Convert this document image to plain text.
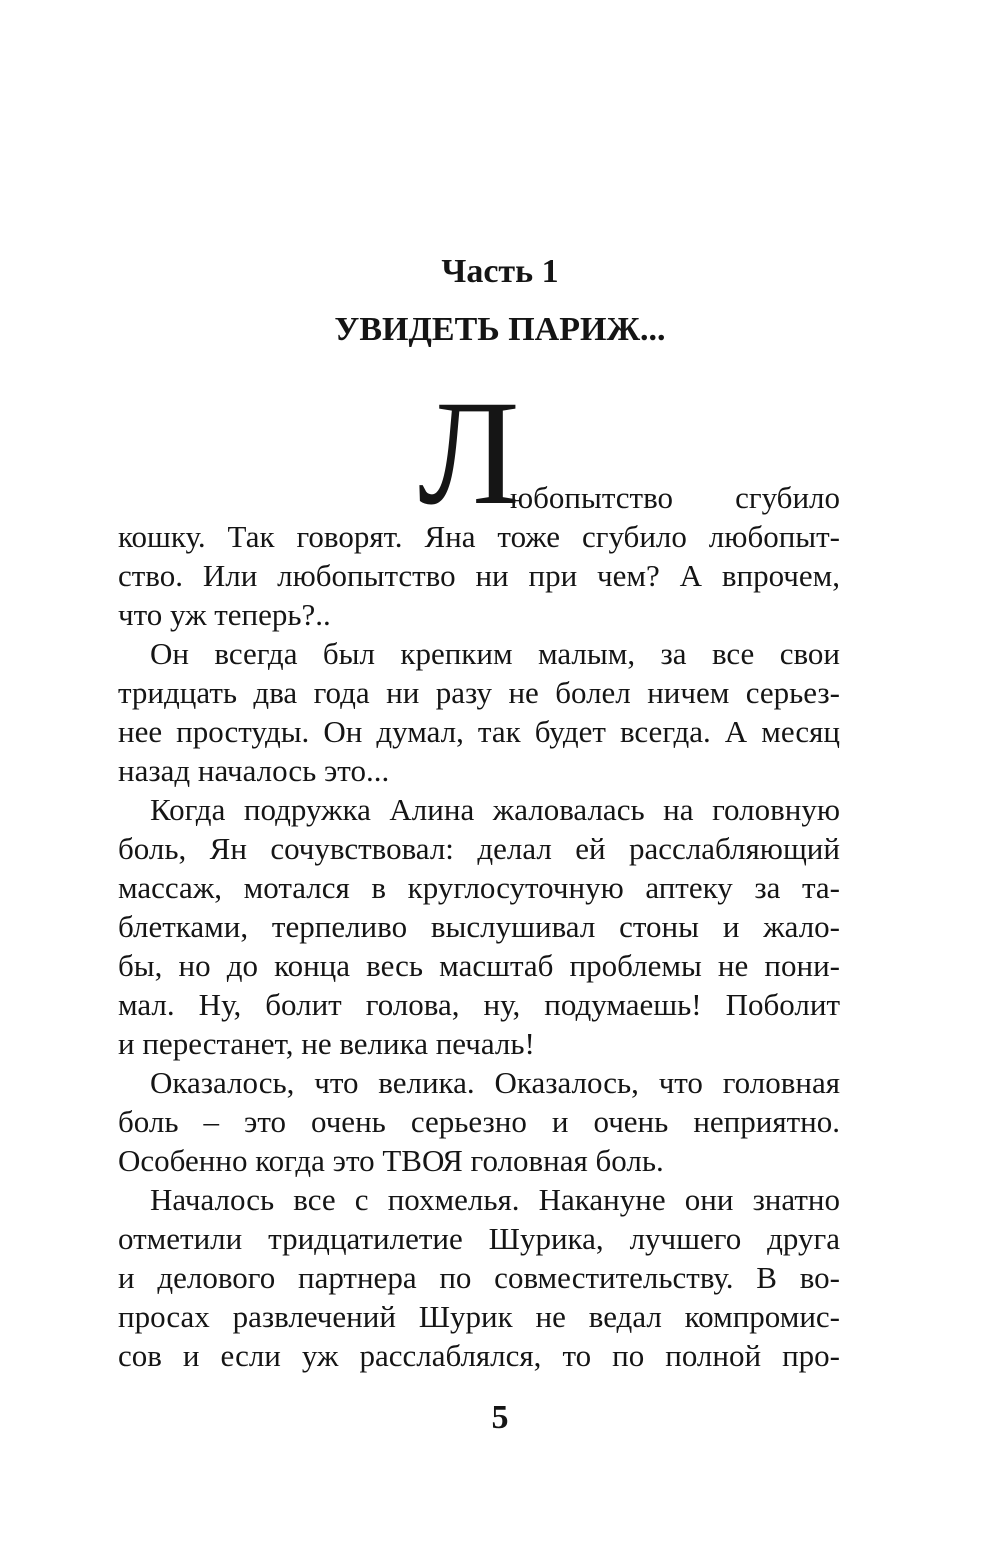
Часть 1
УВИДЕТЬ ПАРИЖ...
Л
юбопытство сгубило
кошку. Так говорят. Яна тоже сгубило любопыт-
ство. Или любопытство ни при чем? А впрочем,
что уж теперь?..
Он всегда был крепким малым, за все свои
тридцать два года ни разу не болел ничем серьез-
нее простуды. Он думал, так будет всегда. А месяц
назад началось это...
Когда подружка Алина жаловалась на головную
боль, Ян сочувствовал: делал ей расслабляющий
массаж, мотался в круглосуточную аптеку за та-
блетками, терпеливо выслушивал стоны и жало-
бы, но до конца весь масштаб проблемы не пони-
мал. Ну, болит голова, ну, подумаешь! Поболит
и перестанет, не велика печаль!
Оказалось, что велика. Оказалось, что головная
боль – это очень серьезно и очень неприятно.
Особенно когда это ТВОЯ головная боль.
Началось все с похмелья. Накануне они знатно
отметили тридцатилетие Шурика, лучшего друга
и делового партнера по совместительству. В во-
просах развлечений Шурик не ведал компромис-
сов и если уж расслаблялся, то по полной про-
5
